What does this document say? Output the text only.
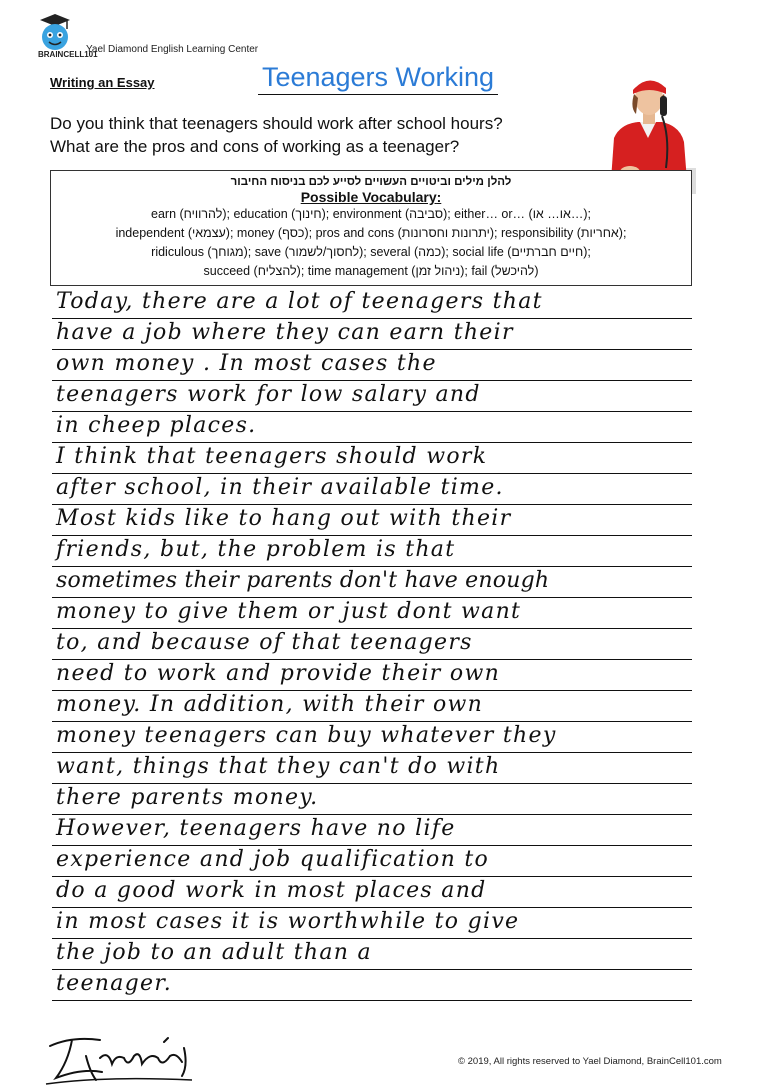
BRAINCELL101
Yael Diamond English Learning Center
Writing an Essay	Teenagers Working
Do you think that teenagers should work after school hours?
What are the pros and cons of working as a teenager?
להלן מילים וביטויים העשויים לסייע לכם בניסוח החיבור
Possible Vocabulary:
earn (להרוויח); education (חינוך); environment (סביבה); either… or… (או… או…);
independent (עצמאי); money (כסף); pros and cons (יתרונות וחסרונות); responsibility (אחריות);
ridiculous (מגוחך); save (לחסוך/לשמור); several (כמה); social life (חיים חברתיים);
succeed (להצליח); time management (ניהול זמן); fail (להיכשל)
Today, there are a lot of teenagers that
have a job where they can earn their
own money . In most cases the
teenagers work for low salary and
in cheep places.
I think that teenagers should work
after school, in their available time.
Most kids like to hang out with their
friends, but, the problem is that
sometimes their parents don't have enough
money to give them or just dont want
to, and because of that teenagers
need to work and provide their own
money. In addition, with their own
money teenagers can buy whatever they
want, things that they can't do with
there parents money.
However, teenagers have no life
experience and job qualification to
do a good work in most places and
in most cases it is worthwhile to give
the job to an adult than a
teenager.
© 2019, All rights reserved to Yael Diamond, BrainCell101.com
